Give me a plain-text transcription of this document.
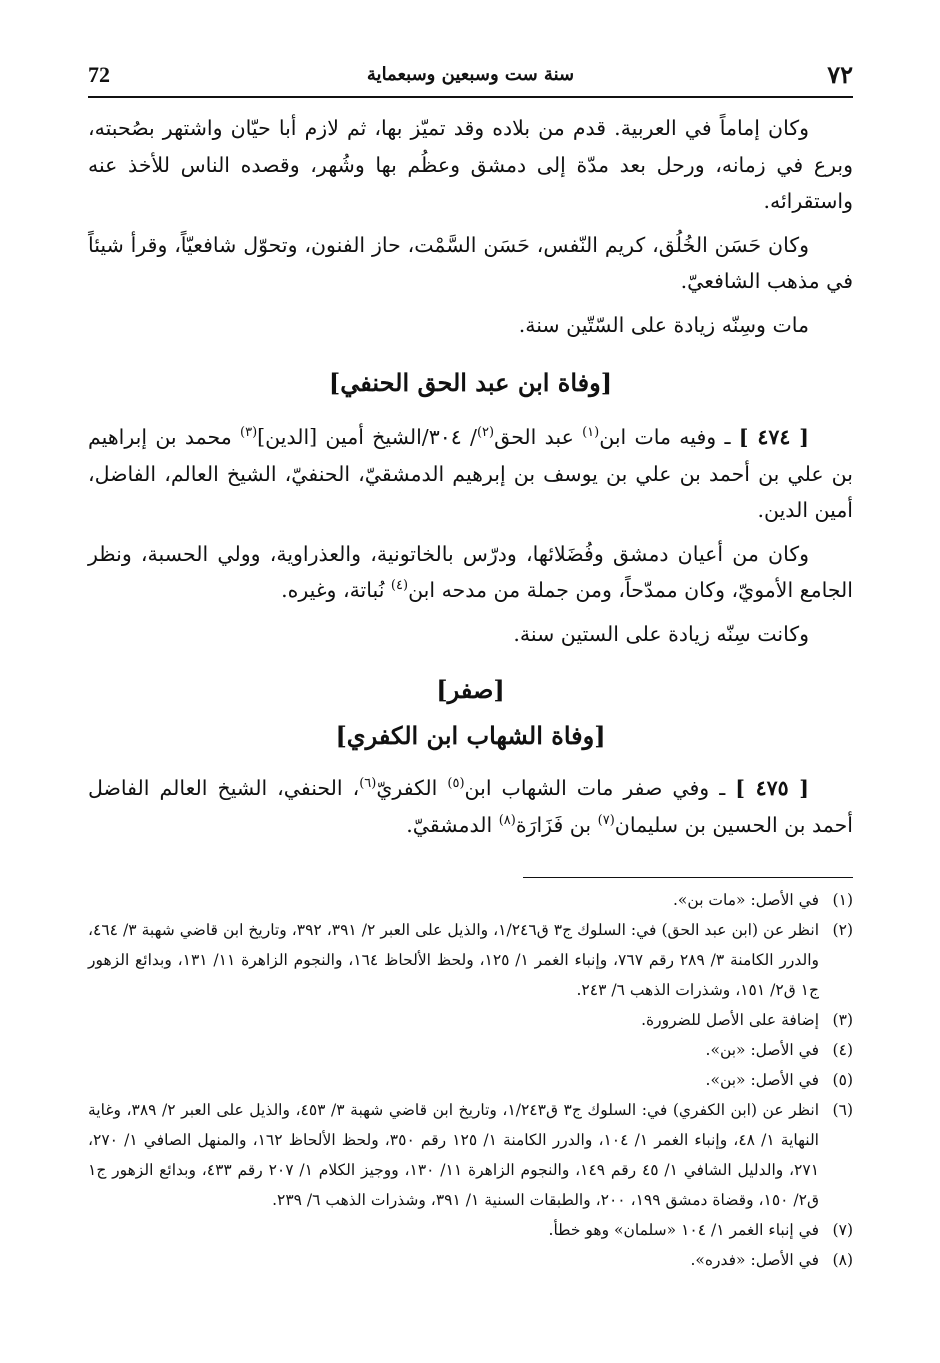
72	سنة ست وسبعين وسبعماية	٧٢

وكان إماماً في العربية. قدم من بلاده وقد تميّز بها، ثم لازم أبا حيّان واشتهر بصُحبته، وبرع في زمانه، ورحل بعد مدّة إلى دمشق وعظُم بها وشُهر، وقصده الناس للأخذ عنه واستقرائه.

وكان حَسَن الخُلُق، كريم النّفس، حَسَن السَّمْت، حاز الفنون، وتحوّل شافعيّاً، وقرأ شيئاً في مذهب الشافعيّ.

مات وسِنّه زيادة على السّتّين سنة.

[وفاة ابن عبد الحق الحنفي]

[ ٤٧٤ ] ـ وفيه مات ابن$^{(١)}$ عبد الحق$^{(٢)}$/ ٣٠٤/الشيخ أمين [الدين]$^{(٣)}$ محمد بن إبراهيم بن علي بن أحمد بن علي بن يوسف بن إبرهيم الدمشقيّ، الحنفيّ، الشيخ العالم، الفاضل، أمين الدين.

وكان من أعيان دمشق وفُضَلائها، ودرّس بالخاتونية، والعذراوية، وولي الحسبة، ونظر الجامع الأمويّ، وكان ممدّحاً، ومن جملة من مدحه ابن$^{(٤)}$ نُباتة، وغيره.

وكانت سِنّه زيادة على الستين سنة.

[صفر]
[وفاة الشهاب ابن الكفري]

[ ٤٧٥ ] ـ وفي صفر مات الشهاب ابن$^{(٥)}$ الكفريّ$^{(٦)}$، الحنفي، الشيخ العالم الفاضل أحمد بن الحسين بن سليمان$^{(٧)}$ بن فَزَارَة$^{(٨)}$ الدمشقيّ.

(١)
في الأصل: «مات بن».
(٢)
انظر عن (ابن عبد الحق) في: السلوك ج٣ ق١/٢٤٦، والذيل على العبر ٢/ ٣٩١، ٣٩٢، وتاريخ ابن قاضي شهبة ٣/ ٤٦٤، والدرر الكامنة ٣/ ٢٨٩ رقم ٧٦٧، وإنباء الغمر ١/ ١٢٥، ولحظ الألحاظ ١٦٤، والنجوم الزاهرة ١١/ ١٣١، وبدائع الزهور ج١ ق٢/ ١٥١، وشذرات الذهب ٦/ ٢٤٣.
(٣)
إضافة على الأصل للضرورة.
(٤)
في الأصل: «بن».
(٥)
في الأصل: «بن».
(٦)
انظر عن (ابن الكفري) في: السلوك ج٣ ق١/٢٤٣، وتاريخ ابن قاضي شهبة ٣/ ٤٥٣، والذيل على العبر ٢/ ٣٨٩، وغاية النهاية ١/ ٤٨، وإنباء الغمر ١/ ١٠٤، والدرر الكامنة ١/ ١٢٥ رقم ٣٥٠، ولحظ الألحاظ ١٦٢، والمنهل الصافي ١/ ٢٧٠، ٢٧١، والدليل الشافي ١/ ٤٥ رقم ١٤٩، والنجوم الزاهرة ١١/ ١٣٠، ووجيز الكلام ١/ ٢٠٧ رقم ٤٣٣، وبدائع الزهور ج١ ق٢/ ١٥٠، وقضاة دمشق ١٩٩، ٢٠٠، والطبقات السنية ١/ ٣٩١، وشذرات الذهب ٦/ ٢٣٩.
(٧)
في إنباء الغمر ١/ ١٠٤ «سلمان» وهو خطأ.
(٨)
في الأصل: «فدره».
